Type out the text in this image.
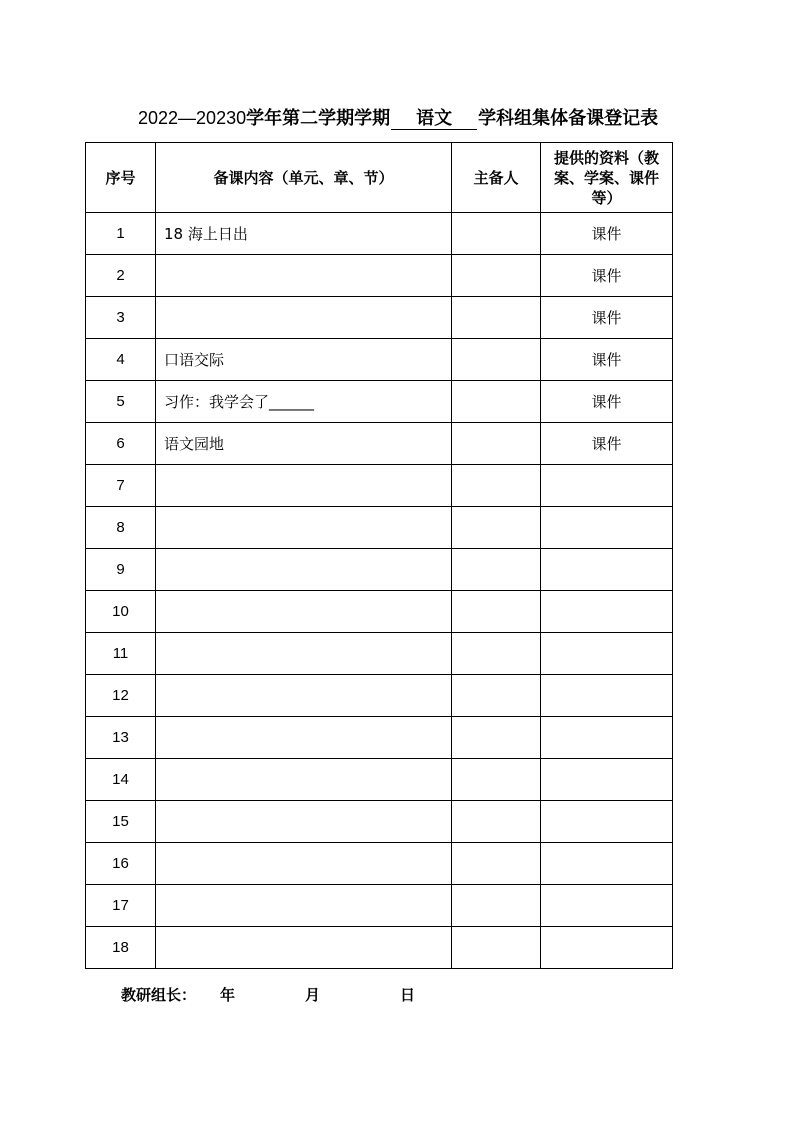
2022—20230学年第二学期学期 语文 学科组集体备课登记表
序号	备课内容（单元、章、节）	主备人	提供的资料（教案、学案、课件等）
1	18 海上日出		课件
2			课件
3			课件
4	口语交际		课件
5	习作：我学会了______		课件
6	语文园地		课件
7			
8			
9			
10			
11			
12			
13			
14			
15			
16			
17			
18			
教研组长： 年	月	日
